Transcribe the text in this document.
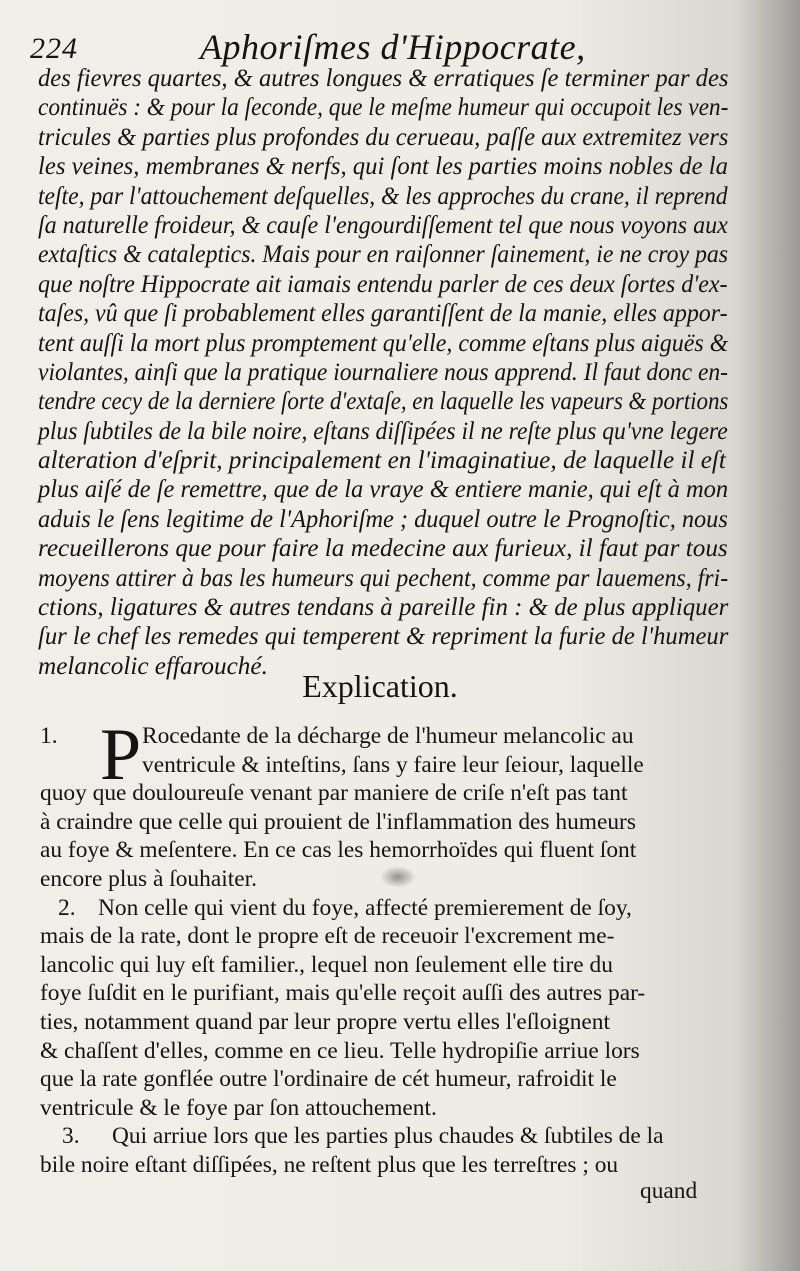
224	Aphoriſmes d'Hippocrate,
des fievres quartes, & autres longues & erratiques ſe terminer par des
continuës : & pour la ſeconde, que le meſme humeur qui occupoit les ven-
tricules & parties plus profondes du cerueau, paſſe aux extremitez vers
les veines, membranes & nerfs, qui ſont les parties moins nobles de la
teſte, par l'attouchement deſquelles, & les approches du crane, il reprend
ſa naturelle froideur, & cauſe l'engourdiſſement tel que nous voyons aux
extaſtics & cataleptics. Mais pour en raiſonner ſainement, ie ne croy pas
que noſtre Hippocrate ait iamais entendu parler de ces deux ſortes d'ex-
taſes, vû que ſi probablement elles garantiſſent de la manie, elles appor-
tent auſſi la mort plus promptement qu'elle, comme eſtans plus aiguës &
violantes, ainſi que la pratique iournaliere nous apprend. Il faut donc en-
tendre cecy de la derniere ſorte d'extaſe, en laquelle les vapeurs & portions
plus ſubtiles de la bile noire, eſtans diſſipées il ne reſte plus qu'vne legere
alteration d'eſprit, principalement en l'imaginatiue, de laquelle il eſt
plus aiſé de ſe remettre, que de la vraye & entiere manie, qui eſt à mon
aduis le ſens legitime de l'Aphoriſme ; duquel outre le Prognoſtic, nous
recueillerons que pour faire la medecine aux furieux, il faut par tous
moyens attirer à bas les humeurs qui pechent, comme par lauemens, fri-
ctions, ligatures & autres tendans à pareille fin : & de plus appliquer
ſur le chef les remedes qui temperent & repriment la furie de l'humeur
melancolic effarouché.
Explication.
1. P Rocedante de la décharge de l'humeur melancolic au
ventricule & inteſtins, ſans y faire leur ſeiour, laquelle
quoy que douloureuſe venant par maniere de criſe n'eſt pas tant
à craindre que celle qui prouient de l'inflammation des humeurs
au foye & meſentere. En ce cas les hemorrhoïdes qui fluent ſont
encore plus à ſouhaiter.
2. Non celle qui vient du foye, affecté premierement de ſoy,
mais de la rate, dont le propre eſt de receuoir l'excrement me-
lancolic qui luy eſt familier., lequel non ſeulement elle tire du
foye ſuſdit en le purifiant, mais qu'elle reçoit auſſi des autres par-
ties, notamment quand par leur propre vertu elles l'eſloignent
& chaſſent d'elles, comme en ce lieu. Telle hydropiſie arriue lors
que la rate gonflée outre l'ordinaire de cét humeur, rafroidit le
ventricule & le foye par ſon attouchement.
3. Qui arriue lors que les parties plus chaudes & ſubtiles de la
bile noire eſtant diſſipées, ne reſtent plus que les terreſtres ; ou
quand
